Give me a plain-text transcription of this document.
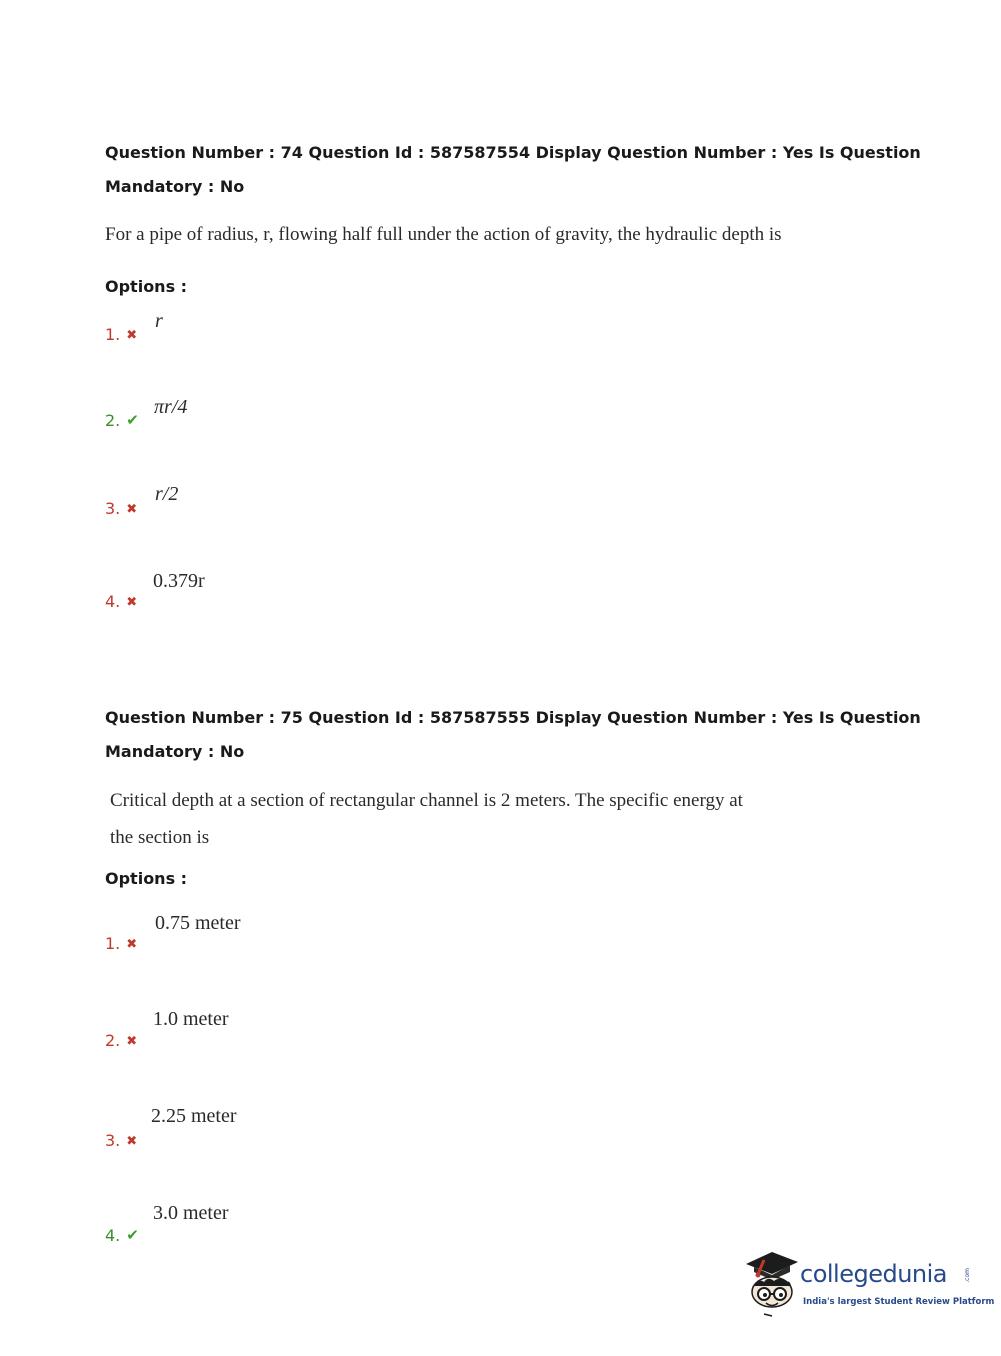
Question Number : 74 Question Id : 587587554 Display Question Number : Yes Is Question
Mandatory : No
For a pipe of radius, r, flowing half full under the action of gravity, the hydraulic depth is
Options :
1. ✖
r
2. ✔
πr/4
3. ✖
r/2
4. ✖
0.379r
Question Number : 75 Question Id : 587587555 Display Question Number : Yes Is Question
Mandatory : No
Critical depth at a section of rectangular channel is 2 meters. The specific energy at
the section is
Options :
1. ✖
0.75 meter
2. ✖
1.0 meter
3. ✖
2.25 meter
4. ✔
3.0 meter
collegedunia	.com
India's largest Student Review Platform
